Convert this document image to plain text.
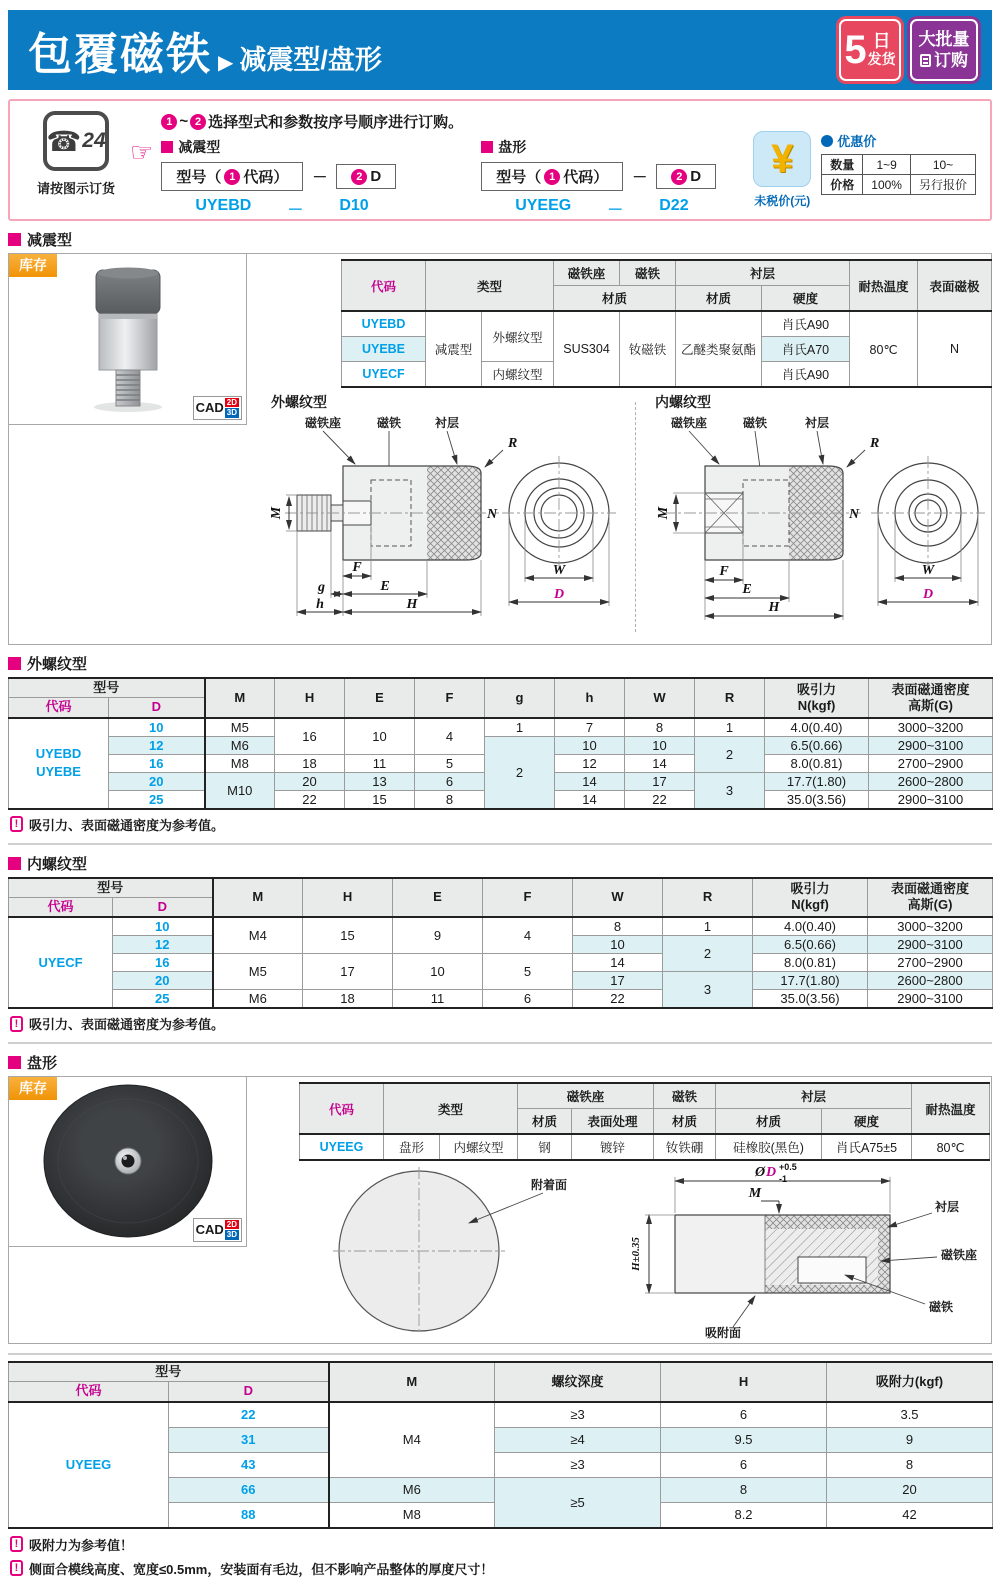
包覆磁铁 ▶ 减震型/盘形	5 日
发货
大批量
订购
☎ 24
请按图示订货
☞
1 ~ 2 选择型式和参数按序号顺序进行订购。
减震型
型号（ 1 代码） －	2 D
UYEBD － D10
盘形
型号（ 1 代码） －	2 D
UYEEG － D22
¥
未税价(元)
优惠价
数量	1~9	10~
价格	100%	另行报价
减震型
库存
CAD 2D
3D
代码	类型		磁铁座	磁铁	衬层		耐热温度	表面磁极
			材质		材质	硬度		
UYEBD	减震型	外螺纹型	SUS304	钕磁铁	乙醚类聚氨酯	肖氏A90	80℃	N
UYEBE						肖氏A70		
UYECF		内螺纹型				肖氏A90		
外螺纹型
磁铁座	磁铁	衬层
R
N
M
F
g	E
h	H
W
D
内螺纹型
磁铁座	磁铁	衬层
R
N
M
F
E
H
W
D
外螺纹型
型号		M	H	E	F	g	h	W	R	吸引力
N(kgf)	表面磁通密度
高斯(G)
代码	D										

UYEBD
UYEBE	10	M5	16	10	4	1	7	8	1	4.0(0.40)	3000~3200
	12	M6				2	10	10	2	6.5(0.66)	2900~3100
	16	M8	18	11	5		12	14		8.0(0.81)	2700~2900
	20	M10	20	13	6		14	17	3	17.7(1.80)	2600~2800
	25		22	15	8		14	22		35.0(3.56)	2900~3100
! 吸引力、表面磁通密度为参考值。
内螺纹型
型号		M	H	E	F	W	R	吸引力
N(kgf)	表面磁通密度
高斯(G)
代码	D								

UYECF	10	M4	15	9	4	8	1	4.0(0.40)	3000~3200
	12					10	2	6.5(0.66)	2900~3100
	16	M5	17	10	5	14		8.0(0.81)	2700~2900
	20					17	3	17.7(1.80)	2600~2800
	25	M6	18	11	6	22		35.0(3.56)	2900~3100
! 吸引力、表面磁通密度为参考值。
盘形
库存
CAD 2D
3D
代码	类型		磁铁座		磁铁	衬层		耐热温度
			材质	表面处理	材质	材质	硬度	
UYEEG	盘形	内螺纹型	钢	镀锌	钕铁硼	硅橡胶(黑色)	肖氏A75±5	80℃
附着面
M
Ø D +0.5
-1
H±0.35
衬层
磁铁座
磁铁
吸附面
型号		M	螺纹深度	H	吸附力(kgf)
代码	D				

UYEEG	22	M4	≥3	6	3.5
	31		≥4	9.5	9
	43		≥3	6	8
	66	M6	≥5	8	20
	88	M8		8.2	42
! 吸附力为参考值！
! 侧面合模线高度、宽度≤0.5mm，安装面有毛边，但不影响产品整体的厚度尺寸！
